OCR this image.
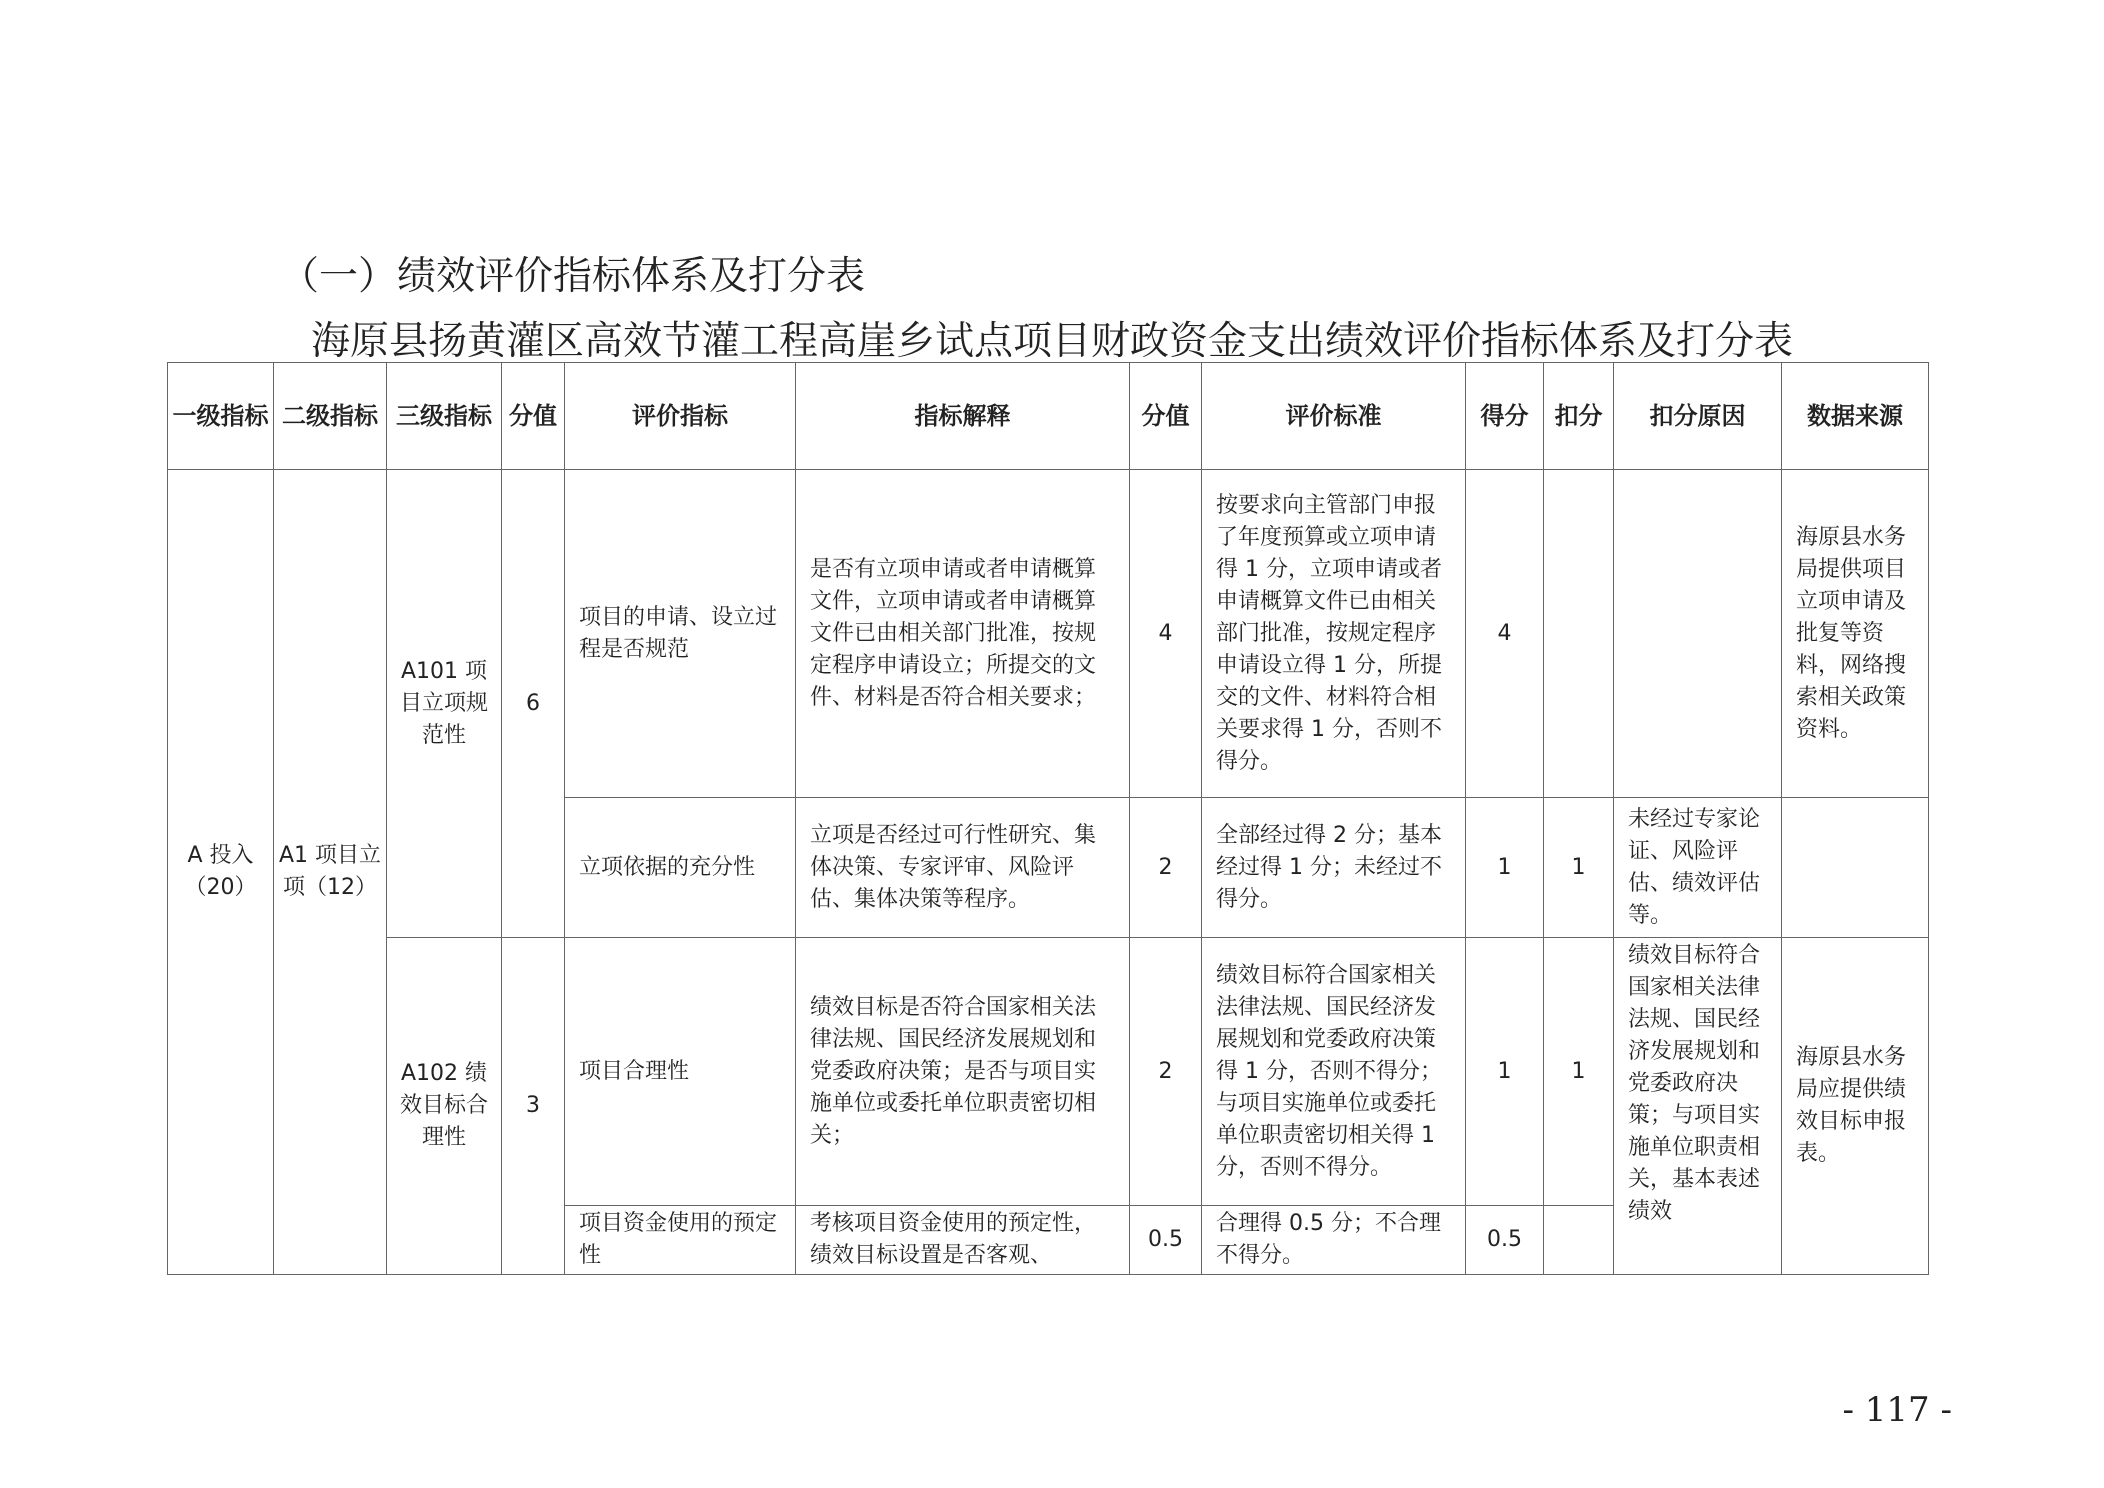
（一）绩效评价指标体系及打分表
海原县扬黄灌区高效节灌工程高崖乡试点项目财政资金支出绩效评价指标体系及打分表
一级指标	二级指标	三级指标	分值	评价指标	指标解释	分值	评价标准	得分	扣分	扣分原因	数据来源
A 投入（20）	A1 项目立项（12）	A101 项目立项规范性	6	项目的申请、设立过程是否规范	是否有立项申请或者申请概算文件，立项申请或者申请概算文件已由相关部门批准，按规定程序申请设立；所提交的文件、材料是否符合相关要求；	4	按要求向主管部门申报了年度预算或立项申请得 1 分，立项申请或者申请概算文件已由相关部门批准，按规定程序申请设立得 1 分，所提交的文件、材料符合相关要求得 1 分，否则不得分。	4			海原县水务局提供项目立项申请及批复等资料，网络搜索相关政策资料。
				立项依据的充分性	立项是否经过可行性研究、集体决策、专家评审、风险评估、集体决策等程序。	2	全部经过得 2 分；基本经过得 1 分；未经过不得分。	1	1	未经过专家论证、风险评估、绩效评估等。	
		A102 绩效目标合理性	3	项目合理性	绩效目标是否符合国家相关法律法规、国民经济发展规划和党委政府决策；是否与项目实施单位或委托单位职责密切相关；	2	绩效目标符合国家相关法律法规、国民经济发展规划和党委政府决策得 1 分，否则不得分；与项目实施单位或委托单位职责密切相关得 1 分，否则不得分。	1	1	绩效目标符合国家相关法律法规、国民经济发展规划和党委政府决策；与项目实施单位职责相关，基本表述绩效	海原县水务局应提供绩效目标申报表。
				项目资金使用的预定性	考核项目资金使用的预定性，绩效目标设置是否客观、	0.5	合理得 0.5 分；不合理不得分。	0.5			
- 117 -
